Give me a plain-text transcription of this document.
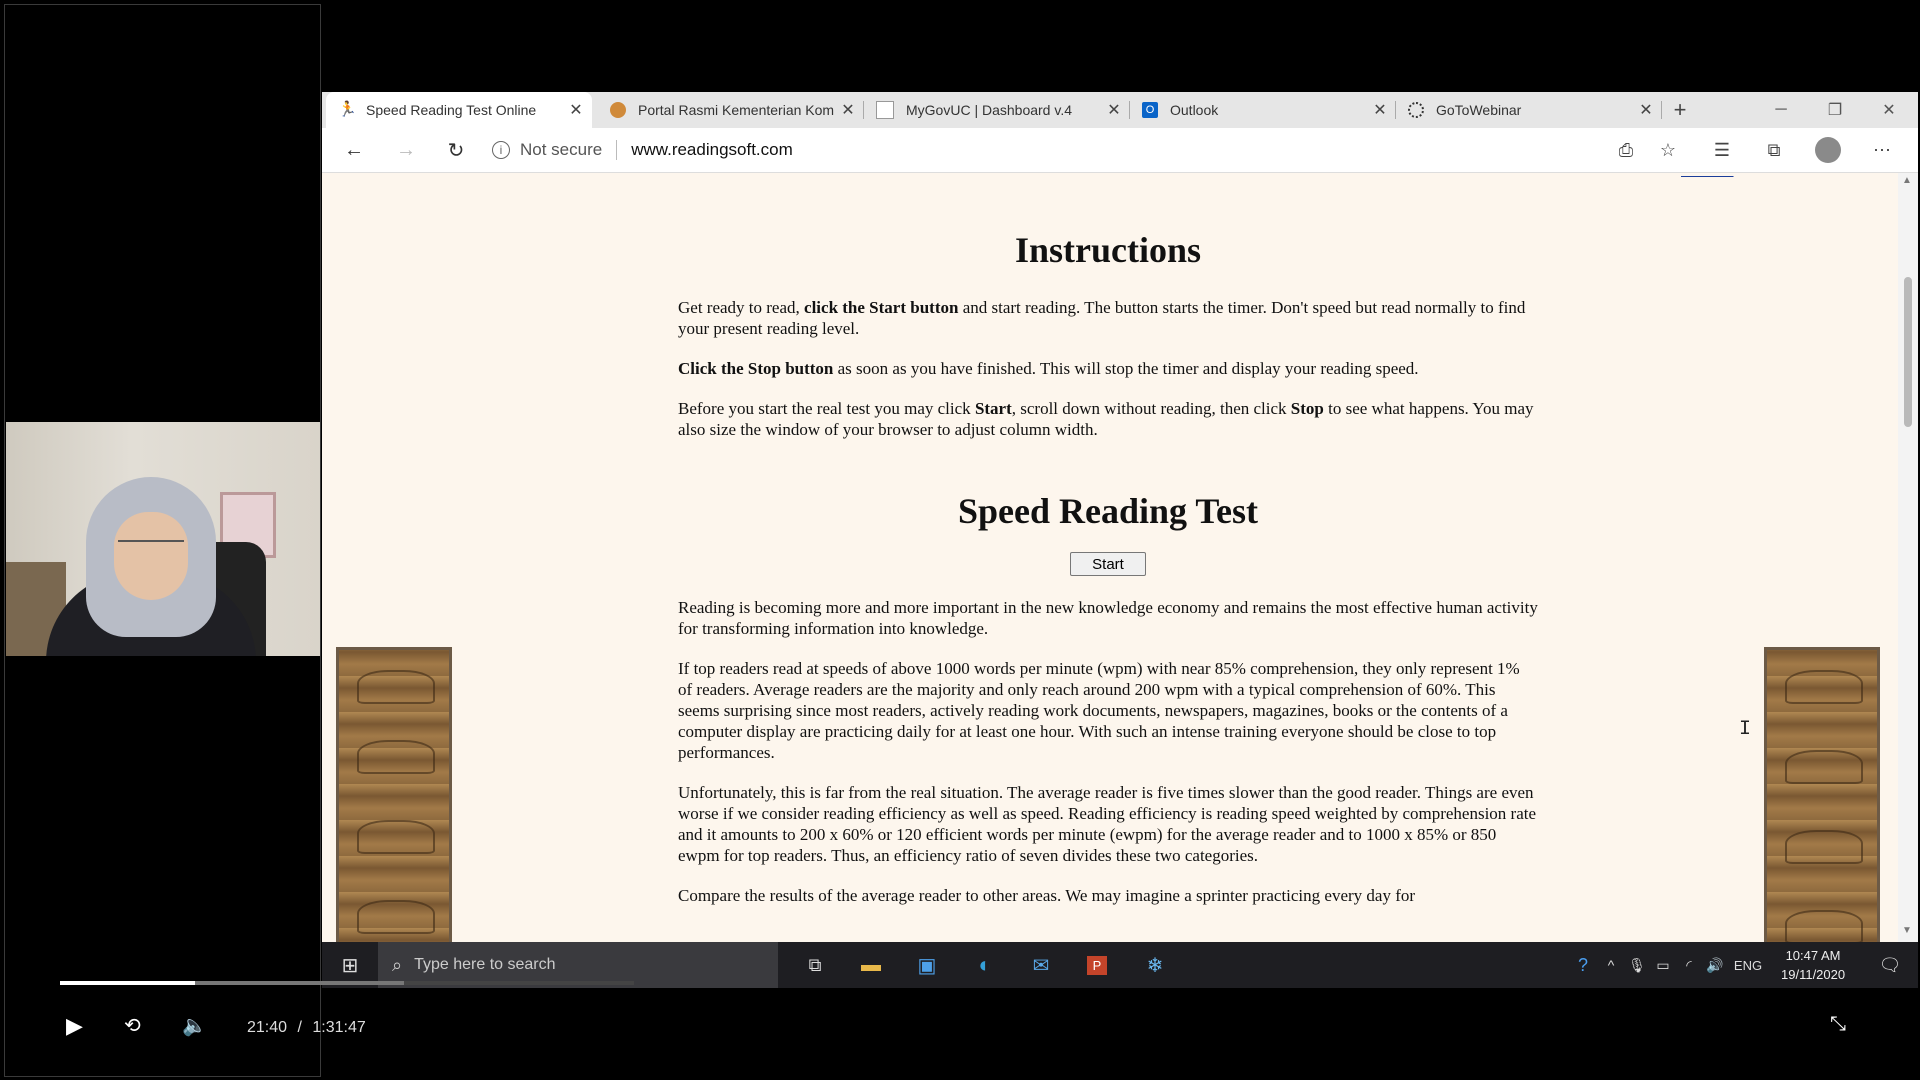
🏃 Speed Reading Test Online	✕	Portal Rasmi Kementerian Kom ✕	MyGovUC | Dashboard v.4	✕	O Outlook	✕	GoToWebinar	✕ +	─	❐	✕
←	→	↻	i	Not secure www.readingsoft.com	⎙	☆	☰	⧉	⋯

Instructions

Get ready to read, click the Start button and start reading. The button starts the timer. Don't speed but read normally to find your present reading level.

Click the Stop button as soon as you have finished. This will stop the timer and display your reading speed.

Before you start the real test you may click Start, scroll down without reading, then click Stop to see what happens. You may also size the window of your browser to adjust column width.

Speed Reading Test
Start

Reading is becoming more and more important in the new knowledge economy and remains the most effective human activity for transforming information into knowledge.

If top readers read at speeds of above 1000 words per minute (wpm) with near 85% comprehension, they only represent 1% of readers. Average readers are the majority and only reach around 200 wpm with a typical comprehension of 60%. This seems surprising since most readers, actively reading work documents, newspapers, magazines, books or the contents of a computer display are practicing daily for at least one hour. With such an intense training everyone should be close to top performances.

Unfortunately, this is far from the real situation. The average reader is five times slower than the good reader. Things are even worse if we consider reading efficiency as well as speed. Reading efficiency is reading speed weighted by comprehension rate and it amounts to 200 x 60% or 120 efficient words per minute (ewpm) for the average reader and to 1000 x 85% or 850 ewpm for top readers. Thus, an efficiency ratio of seven divides these two categories.

Compare the results of the average reader to other areas. We may imagine a sprinter practicing every day for

I
▲
▼
⊞	⌕ Type here to search	⧉	▬	▣	◐	✉	P	❄	?	^ 🎙 ▭	◜	🔊 ENG
10:47 AM
19/11/2020	🗨
▶ ⟲ 🔈	21:40 / 1:31:47	⤡
